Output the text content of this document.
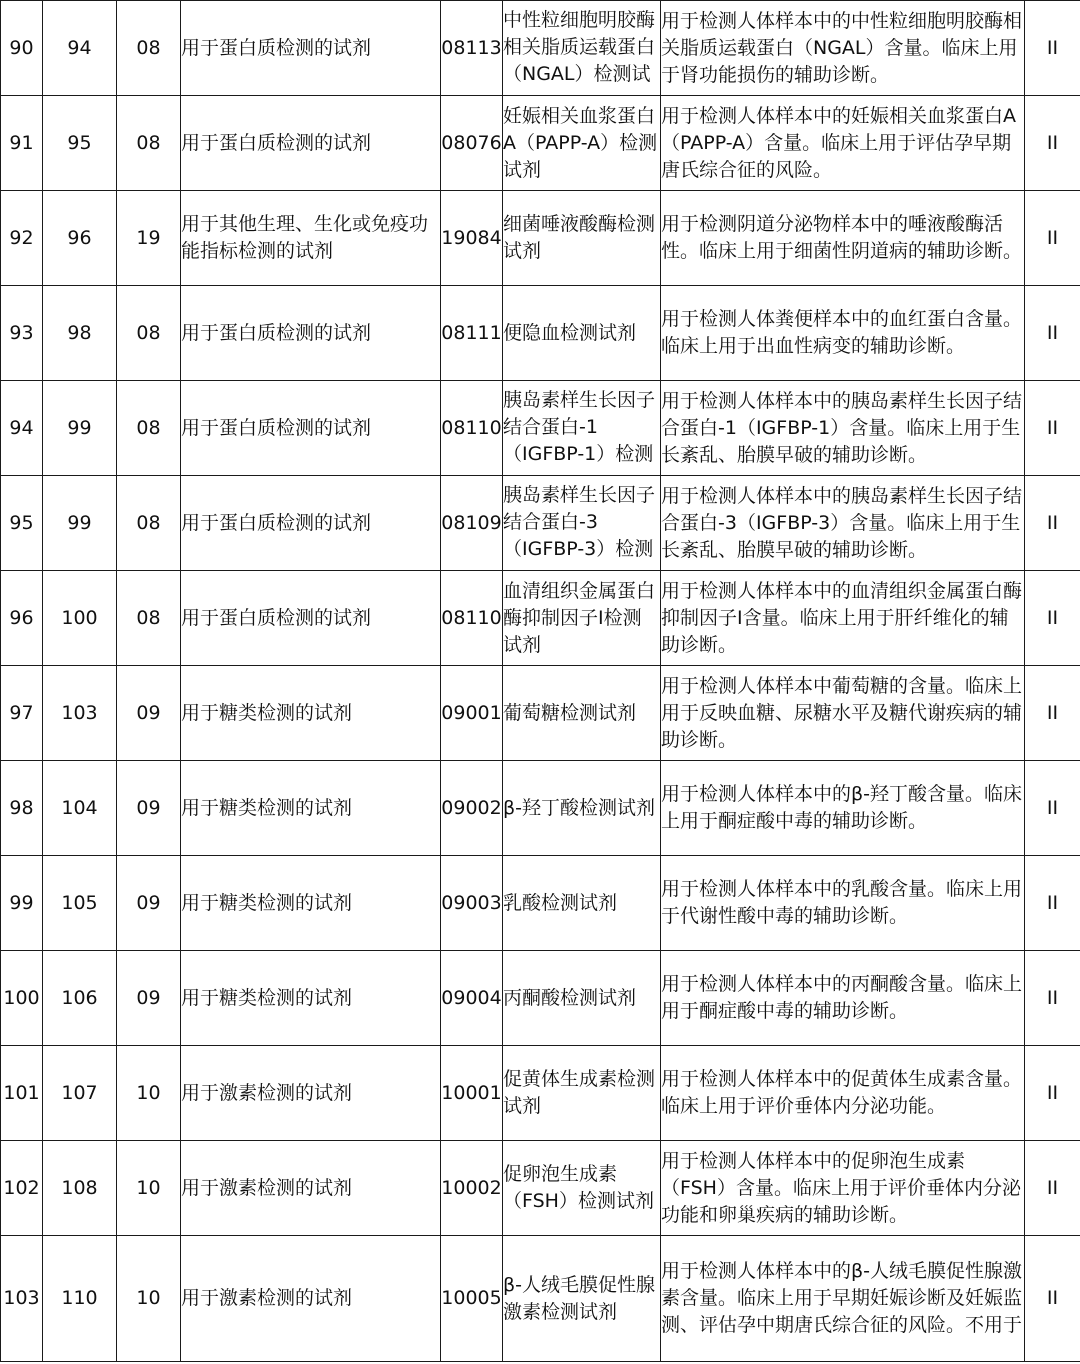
90	94	08	用于蛋白质检测的试剂	08113	中性粒细胞明胶酶相关脂质运载蛋白（NGAL）检测试	用于检测人体样本中的中性粒细胞明胶酶相关脂质运载蛋白（NGAL）含量。临床上用于肾功能损伤的辅助诊断。	II

91	95	08	用于蛋白质检测的试剂	08076	妊娠相关血浆蛋白A（PAPP-A）检测试剂	用于检测人体样本中的妊娠相关血浆蛋白A（PAPP-A）含量。临床上用于评估孕早期唐氏综合征的风险。	II

92	96	19	用于其他生理、生化或免疫功能指标检测的试剂	19084	细菌唾液酸酶检测试剂	用于检测阴道分泌物样本中的唾液酸酶活性。临床上用于细菌性阴道病的辅助诊断。	II

93	98	08	用于蛋白质检测的试剂	08111	便隐血检测试剂	用于检测人体粪便样本中的血红蛋白含量。临床上用于出血性病变的辅助诊断。	II

94	99	08	用于蛋白质检测的试剂	08110	胰岛素样生长因子结合蛋白-1（IGFBP-1）检测	用于检测人体样本中的胰岛素样生长因子结合蛋白-1（IGFBP-1）含量。临床上用于生长紊乱、胎膜早破的辅助诊断。	II

95	99	08	用于蛋白质检测的试剂	08109	胰岛素样生长因子结合蛋白-3（IGFBP-3）检测	用于检测人体样本中的胰岛素样生长因子结合蛋白-3（IGFBP-3）含量。临床上用于生长紊乱、胎膜早破的辅助诊断。	II

96	100	08	用于蛋白质检测的试剂	08110	血清组织金属蛋白酶抑制因子I检测试剂	用于检测人体样本中的血清组织金属蛋白酶抑制因子I含量。临床上用于肝纤维化的辅助诊断。	II

97	103	09	用于糖类检测的试剂	09001	葡萄糖检测试剂	用于检测人体样本中葡萄糖的含量。临床上用于反映血糖、尿糖水平及糖代谢疾病的辅助诊断。	II

98	104	09	用于糖类检测的试剂	09002	β-羟丁酸检测试剂	用于检测人体样本中的β-羟丁酸含量。临床上用于酮症酸中毒的辅助诊断。	II

99	105	09	用于糖类检测的试剂	09003	乳酸检测试剂	用于检测人体样本中的乳酸含量。临床上用于代谢性酸中毒的辅助诊断。	II

100	106	09	用于糖类检测的试剂	09004	丙酮酸检测试剂	用于检测人体样本中的丙酮酸含量。临床上用于酮症酸中毒的辅助诊断。	II

101	107	10	用于激素检测的试剂	10001	促黄体生成素检测试剂	用于检测人体样本中的促黄体生成素含量。临床上用于评价垂体内分泌功能。	II

102	108	10	用于激素检测的试剂	10002	促卵泡生成素（FSH）检测试剂	用于检测人体样本中的促卵泡生成素（FSH）含量。临床上用于评价垂体内分泌功能和卵巢疾病的辅助诊断。	II

103	110	10	用于激素检测的试剂	10005	β-人绒毛膜促性腺激素检测试剂	用于检测人体样本中的β-人绒毛膜促性腺激素含量。临床上用于早期妊娠诊断及妊娠监测、评估孕中期唐氏综合征的风险。不用于	II
